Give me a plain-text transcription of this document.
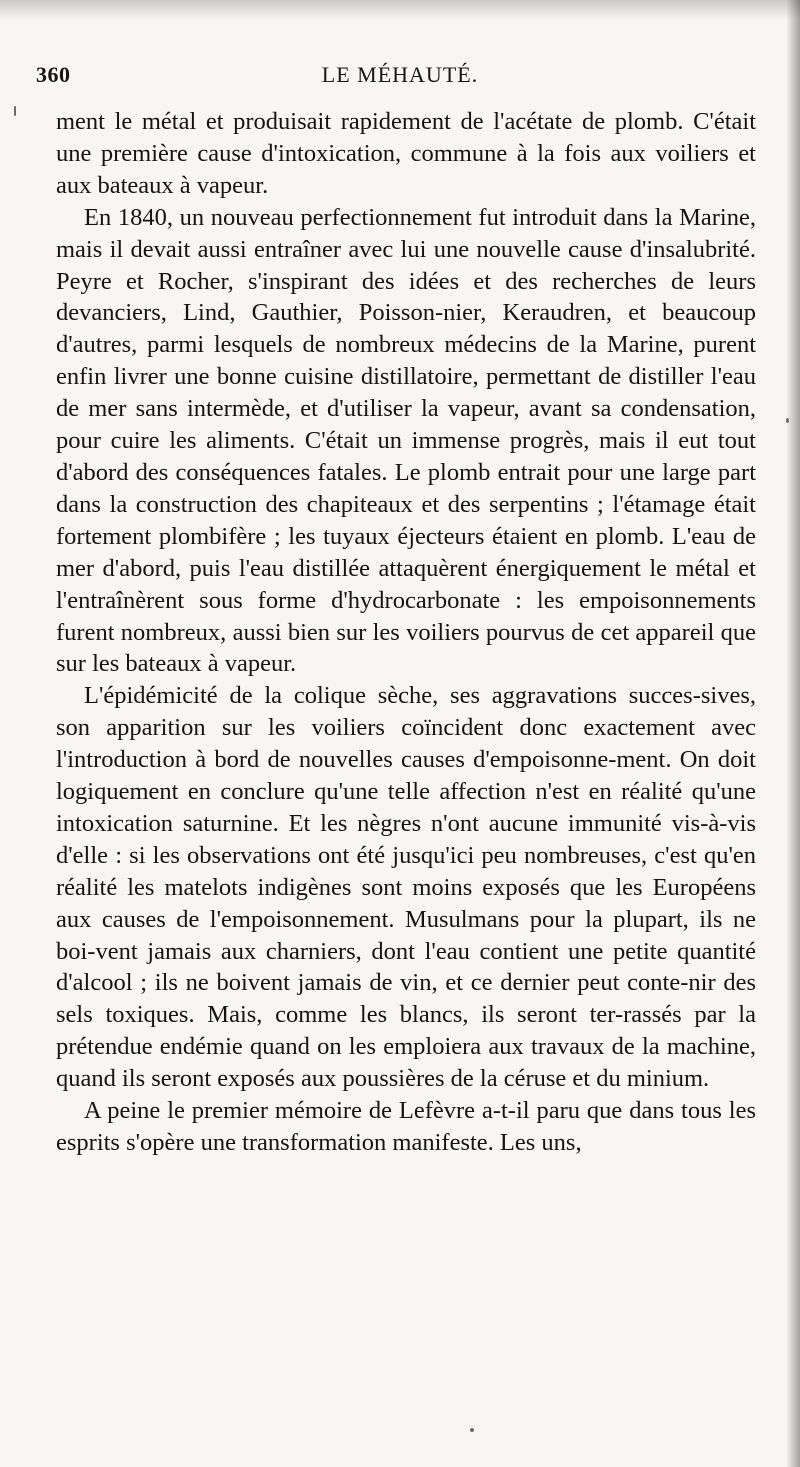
360	LE MÉHAUTÉ.

ment le métal et produisait rapidement de l'acétate de plomb. C'était une première cause d'intoxication, commune à la fois aux voiliers et aux bateaux à vapeur.

En 1840, un nouveau perfectionnement fut introduit dans la Marine, mais il devait aussi entraîner avec lui une nouvelle cause d'insalubrité. Peyre et Rocher, s'inspirant des idées et des recherches de leurs devanciers, Lind, Gauthier, Poisson-nier, Keraudren, et beaucoup d'autres, parmi lesquels de nombreux médecins de la Marine, purent enfin livrer une bonne cuisine distillatoire, permettant de distiller l'eau de mer sans intermède, et d'utiliser la vapeur, avant sa condensation, pour cuire les aliments. C'était un immense progrès, mais il eut tout d'abord des conséquences fatales. Le plomb entrait pour une large part dans la construction des chapiteaux et des serpentins ; l'étamage était fortement plombifère ; les tuyaux éjecteurs étaient en plomb. L'eau de mer d'abord, puis l'eau distillée attaquèrent énergiquement le métal et l'entraînèrent sous forme d'hydrocarbonate : les empoisonnements furent nombreux, aussi bien sur les voiliers pourvus de cet appareil que sur les bateaux à vapeur.

L'épidémicité de la colique sèche, ses aggravations succes-sives, son apparition sur les voiliers coïncident donc exactement avec l'introduction à bord de nouvelles causes d'empoisonne-ment. On doit logiquement en conclure qu'une telle affection n'est en réalité qu'une intoxication saturnine. Et les nègres n'ont aucune immunité vis-à-vis d'elle : si les observations ont été jusqu'ici peu nombreuses, c'est qu'en réalité les matelots indigènes sont moins exposés que les Européens aux causes de l'empoisonnement. Musulmans pour la plupart, ils ne boi-vent jamais aux charniers, dont l'eau contient une petite quantité d'alcool ; ils ne boivent jamais de vin, et ce dernier peut conte-nir des sels toxiques. Mais, comme les blancs, ils seront ter-rassés par la prétendue endémie quand on les emploiera aux travaux de la machine, quand ils seront exposés aux poussières de la céruse et du minium.

A peine le premier mémoire de Lefèvre a-t-il paru que dans tous les esprits s'opère une transformation manifeste. Les uns,
